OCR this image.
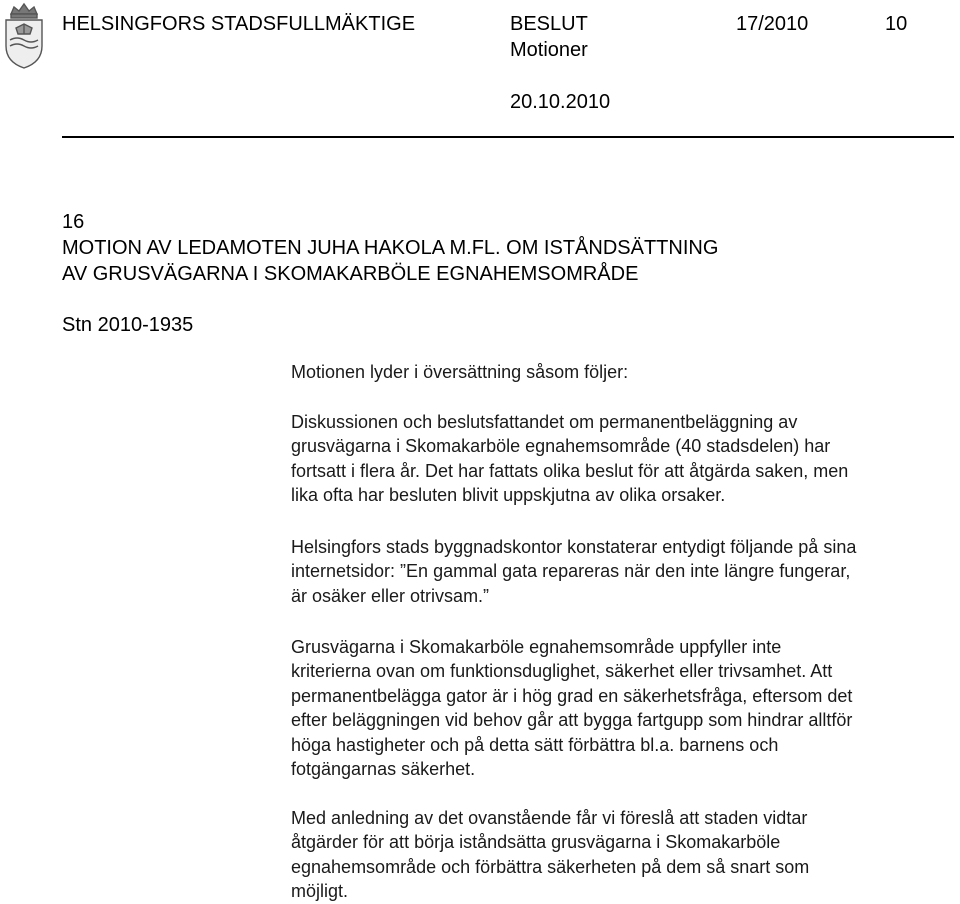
HELSINGFORS STADSFULLMÄKTIGE	BESLUT
Motioner
17/2010	10
20.10.2010
16
MOTION AV LEDAMOTEN JUHA HAKOLA M.FL. OM ISTÅNDSÄTTNING
AV GRUSVÄGARNA I SKOMAKARBÖLE EGNAHEMSOMRÅDE
Stn 2010-1935
Motionen lyder i översättning såsom följer:
Diskussionen och beslutsfattandet om permanentbeläggning av
grusvägarna i Skomakarböle egnahemsområde (40 stadsdelen) har
fortsatt i flera år. Det har fattats olika beslut för att åtgärda saken, men
lika ofta har besluten blivit uppskjutna av olika orsaker.
Helsingfors stads byggnadskontor konstaterar entydigt följande på sina
internetsidor: ”En gammal gata repareras när den inte längre fungerar,
är osäker eller otrivsam.”
Grusvägarna i Skomakarböle egnahemsområde uppfyller inte
kriterierna ovan om funktionsduglighet, säkerhet eller trivsamhet. Att
permanentbelägga gator är i hög grad en säkerhetsfråga, eftersom det
efter beläggningen vid behov går att bygga fartgupp som hindrar alltför
höga hastigheter och på detta sätt förbättra bl.a. barnens och
fotgängarnas säkerhet.
Med anledning av det ovanstående får vi föreslå att staden vidtar
åtgärder för att börja iståndsätta grusvägarna i Skomakarböle
egnahemsområde och förbättra säkerheten på dem så snart som
möjligt.
